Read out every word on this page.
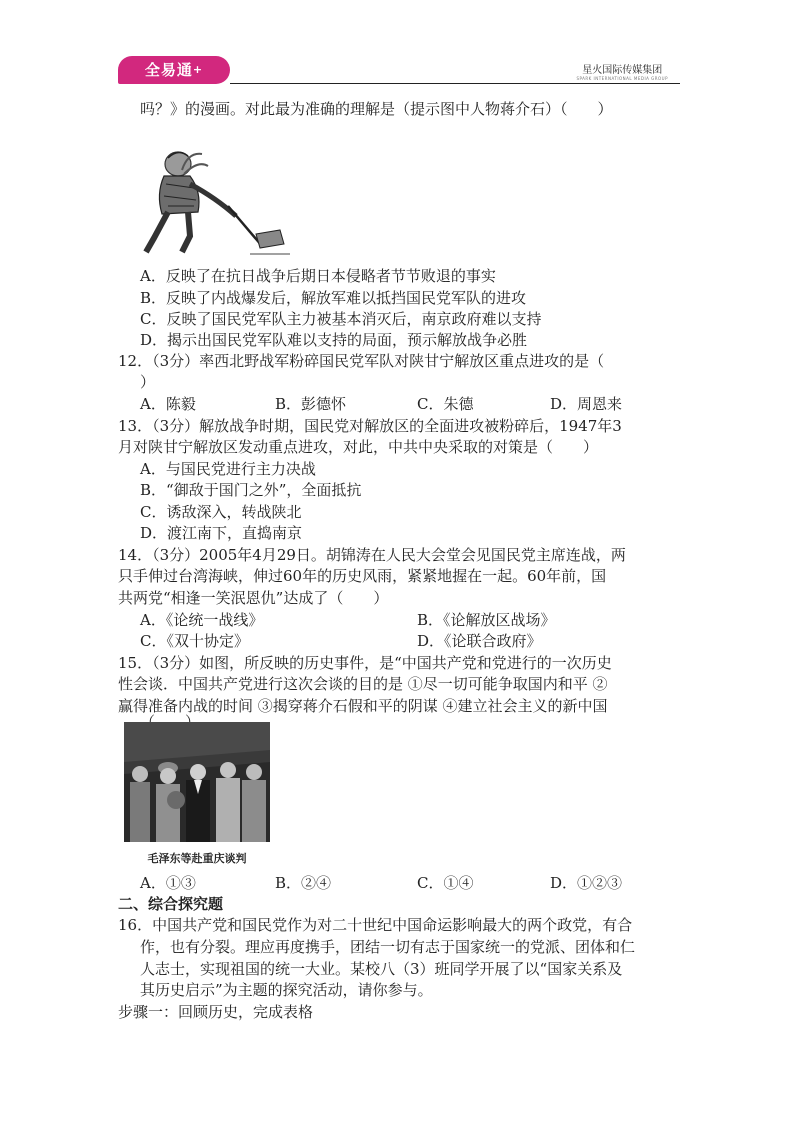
全易通+	星火国际传媒集团
SPARK INTERNATIONAL MEDIA GROUP
吗？》的漫画。对此最为准确的理解是（提示图中人物蒋介石）（　　）
A．反映了在抗日战争后期日本侵略者节节败退的事实
B．反映了内战爆发后，解放军难以抵挡国民党军队的进攻
C．反映了国民党军队主力被基本消灭后，南京政府难以支持
D．揭示出国民党军队难以支持的局面，预示解放战争必胜
12．（3分）率西北野战军粉碎国民党军队对陕甘宁解放区重点进攻的是（
）
A．陈毅	B．彭德怀	C．朱德	D．周恩来
13．（3分）解放战争时期，国民党对解放区的全面进攻被粉碎后，1947年3
月对陕甘宁解放区发动重点进攻，对此，中共中央采取的对策是（　　）
A．与国民党进行主力决战
B．“御敌于国门之外”，全面抵抗
C．诱敌深入，转战陕北
D．渡江南下，直捣南京
14．（3分）2005年4月29日。胡锦涛在人民大会堂会见国民党主席连战，两
只手伸过台湾海峡，伸过60年的历史风雨，紧紧地握在一起。60年前，国
共两党“相逢一笑泯恩仇”达成了（　　）
A．《论统一战线》	B．《论解放区战场》
C．《双十协定》	D．《论联合政府》
15．（3分）如图，所反映的历史事件，是“中国共产党和党进行的一次历史
性会谈．中国共产党进行这次会谈的目的是 ①尽一切可能争取国内和平 ②
赢得准备内战的时间 ③揭穿蒋介石假和平的阴谋 ④建立社会主义的新中国
毛泽东等赴重庆谈判
A．①③	B．②④	C．①④	D．①②③
二、综合探究题
16．中国共产党和国民党作为对二十世纪中国命运影响最大的两个政党，有合
作，也有分裂。理应再度携手，团结一切有志于国家统一的党派、团体和仁
人志士，实现祖国的统一大业。某校八（3）班同学开展了以“国家关系及
其历史启示”为主题的探究活动，请你参与。
步骤一：回顾历史，完成表格
